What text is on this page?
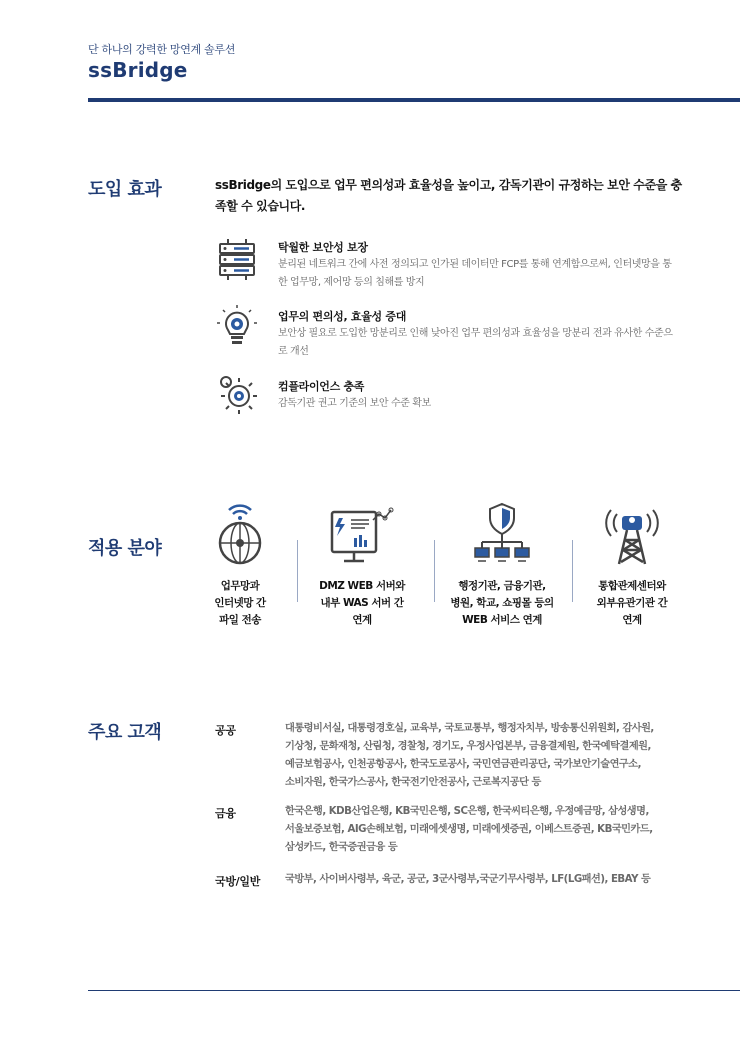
단 하나의 강력한 망연계 솔루션
ssBridge
도입 효과	ssBridge의 도입으로 업무 편의성과 효율성을 높이고, 감독기관이 규정하는 보안 수준을 충족할 수 있습니다.
탁월한 보안성 보장
분리된 네트워크 간에 사전 정의되고 인가된 데이터만 FCP를 통해 연계함으로써, 인터넷망을 통한 업무망, 제어망 등의 침해를 방지
업무의 편의성, 효율성 증대
보안상 필요로 도입한 망분리로 인해 낮아진 업무 편의성과 효율성을 망분리 전과 유사한 수준으로 개선
컴플라이언스 충족
감독기관 권고 기준의 보안 수준 확보
적용 분야
업무망과
인터넷망 간
파일 전송
DMZ WEB 서버와
내부 WAS 서버 간
연계
행정기관, 금융기관,
병원, 학교, 쇼핑몰 등의
WEB 서비스 연계
통합관제센터와
외부유관기관 간
연계
주요 고객	공공	대통령비서실, 대통령경호실, 교육부, 국토교통부, 행정자치부, 방송통신위원회, 감사원,
기상청, 문화재청, 산림청, 경찰청, 경기도, 우정사업본부, 금융결제원, 한국예탁결제원,
예금보험공사, 인천공항공사, 한국도로공사, 국민연금관리공단, 국가보안기술연구소,
소비자원, 한국가스공사, 한국전기안전공사, 근로복지공단 등
금융	한국은행, KDB산업은행, KB국민은행, SC은행, 한국씨티은행, 우정예금망, 삼성생명,
서울보증보험, AIG손해보험, 미래에셋생명, 미래에셋증권, 이베스트증권, KB국민카드,
삼성카드, 한국증권금융 등
국방/일반 국방부, 사이버사령부, 육군, 공군, 3군사령부,국군기무사령부, LF(LG패션), EBAY 등
